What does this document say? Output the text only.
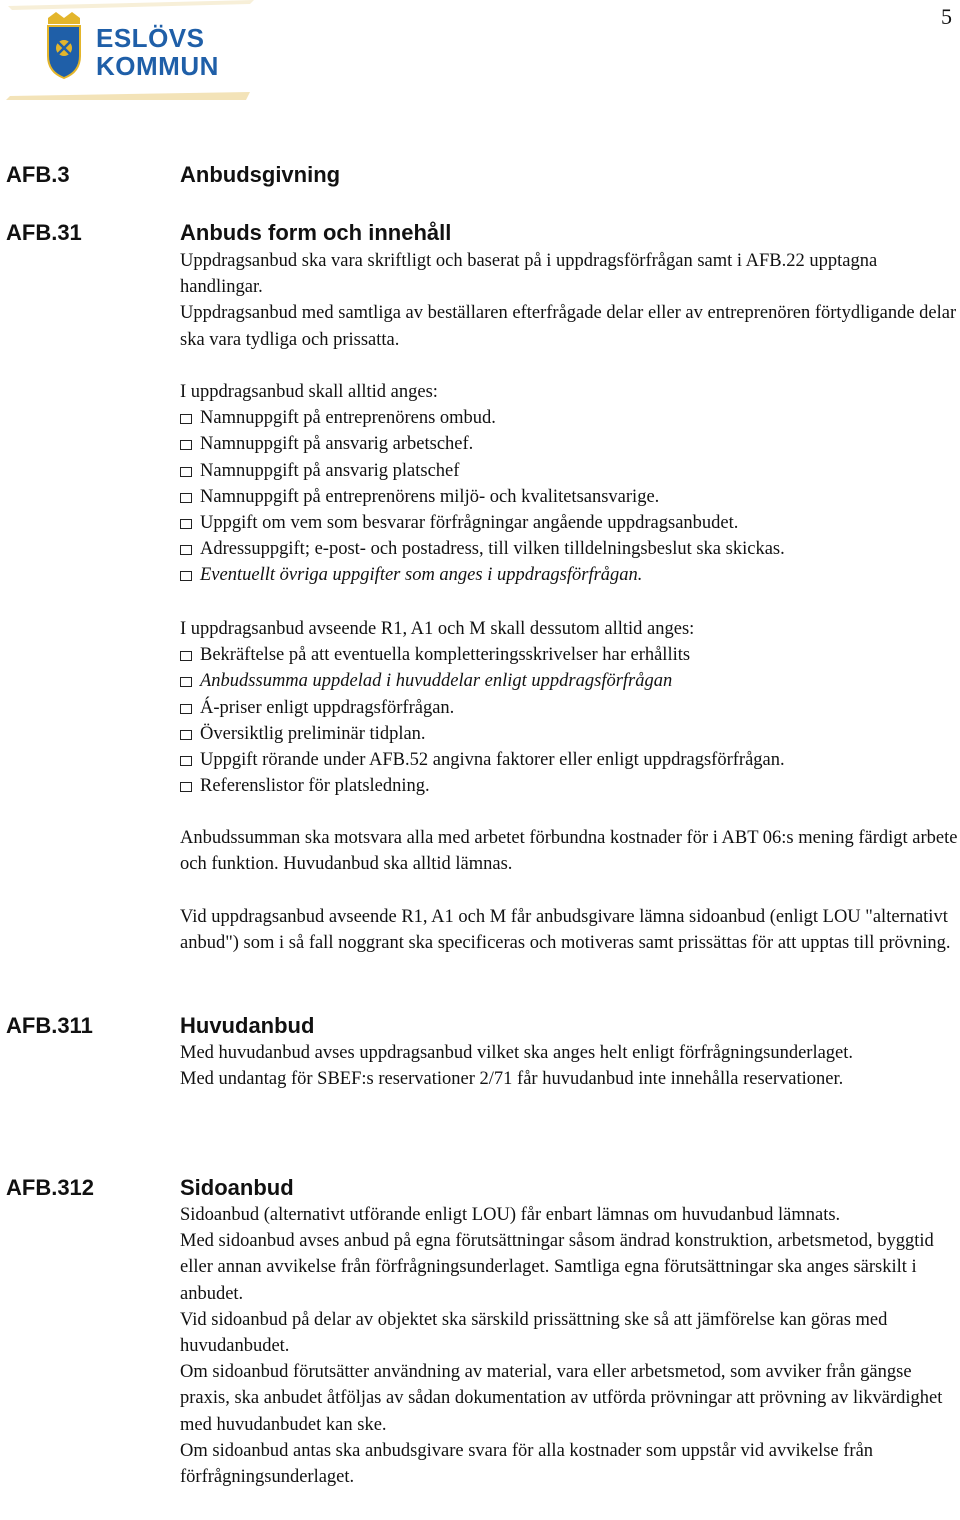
5
ESLÖVS
KOMMUN
AFB.3	Anbudsgivning
AFB.31	Anbuds form och innehåll

Uppdragsanbud ska vara skriftligt och baserat på i uppdragsförfrågan samt i AFB.22 upptagna handlingar.

Uppdragsanbud med samtliga av beställaren efterfrågade delar eller av entreprenören förtydligande delar ska vara tydliga och prissatta.

I uppdragsanbud skall alltid anges:

Namnuppgift på entreprenörens ombud.
Namnuppgift på ansvarig arbetschef.
Namnuppgift på ansvarig platschef
Namnuppgift på entreprenörens miljö- och kvalitetsansvarige.
Uppgift om vem som besvarar förfrågningar angående uppdragsanbudet.
Adressuppgift; e-post- och postadress, till vilken tilldelningsbeslut ska skickas.
Eventuellt övriga uppgifter som anges i uppdragsförfrågan.

I uppdragsanbud avseende R1, A1 och M skall dessutom alltid anges:

Bekräftelse på att eventuella kompletteringsskrivelser har erhållits
Anbudssumma uppdelad i huvuddelar enligt uppdragsförfrågan
Á-priser enligt uppdragsförfrågan.
Översiktlig preliminär tidplan.
Uppgift rörande under AFB.52 angivna faktorer eller enligt uppdragsförfrågan.
Referenslistor för platsledning.
Anbudssumman ska motsvara alla med arbetet förbundna kostnader för i ABT 06:s mening färdigt arbete och funktion. Huvudanbud ska alltid lämnas.
Vid uppdragsanbud avseende R1, A1 och M får anbudsgivare lämna sidoanbud (enligt LOU "alternativt anbud") som i så fall noggrant ska specificeras och motiveras samt prissättas för att upptas till prövning.
AFB.311	Huvudanbud

Med huvudanbud avses uppdragsanbud vilket ska anges helt enligt förfrågningsunderlaget.

Med undantag för SBEF:s reservationer 2/71 får huvudanbud inte innehålla reservationer.

AFB.312	Sidoanbud

Sidoanbud (alternativt utförande enligt LOU) får enbart lämnas om huvudanbud lämnats.

Med sidoanbud avses anbud på egna förutsättningar såsom ändrad konstruktion, arbetsmetod, byggtid eller annan avvikelse från förfrågningsunderlaget. Samtliga egna förutsättningar ska anges särskilt i anbudet.

Vid sidoanbud på delar av objektet ska särskild prissättning ske så att jämförelse kan göras med huvudanbudet.

Om sidoanbud förutsätter användning av material, vara eller arbetsmetod, som avviker från gängse praxis, ska anbudet åtföljas av sådan dokumentation av utförda prövningar att prövning av likvärdighet med huvudanbudet kan ske.

Om sidoanbud antas ska anbudsgivare svara för alla kostnader som uppstår vid avvikelse från förfrågningsunderlaget.
